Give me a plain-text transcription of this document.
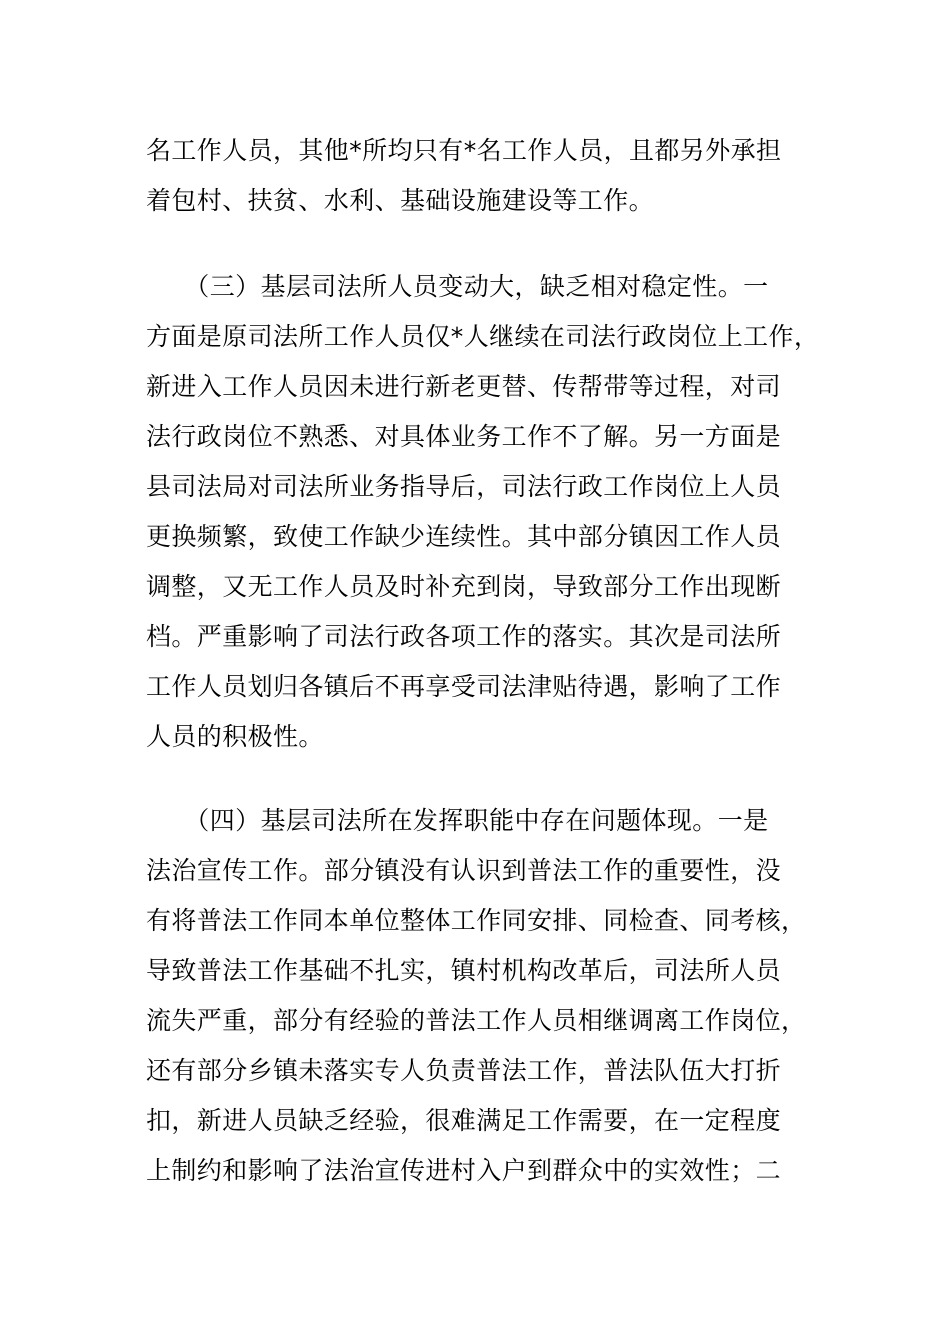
名工作人员，其他*所均只有*名工作人员，且都另外承担
着包村、扶贫、水利、基础设施建设等工作。
　　（三）基层司法所人员变动大，缺乏相对稳定性。一
方面是原司法所工作人员仅*人继续在司法行政岗位上工作，
新进入工作人员因未进行新老更替、传帮带等过程，对司
法行政岗位不熟悉、对具体业务工作不了解。另一方面是
县司法局对司法所业务指导后，司法行政工作岗位上人员
更换频繁，致使工作缺少连续性。其中部分镇因工作人员
调整，又无工作人员及时补充到岗，导致部分工作出现断
档。严重影响了司法行政各项工作的落实。其次是司法所
工作人员划归各镇后不再享受司法津贴待遇，影响了工作
人员的积极性。
　　（四）基层司法所在发挥职能中存在问题体现。一是
法治宣传工作。部分镇没有认识到普法工作的重要性，没
有将普法工作同本单位整体工作同安排、同检查、同考核，
导致普法工作基础不扎实，镇村机构改革后，司法所人员
流失严重，部分有经验的普法工作人员相继调离工作岗位，
还有部分乡镇未落实专人负责普法工作，普法队伍大打折
扣，新进人员缺乏经验，很难满足工作需要，在一定程度
上制约和影响了法治宣传进村入户到群众中的实效性；二
